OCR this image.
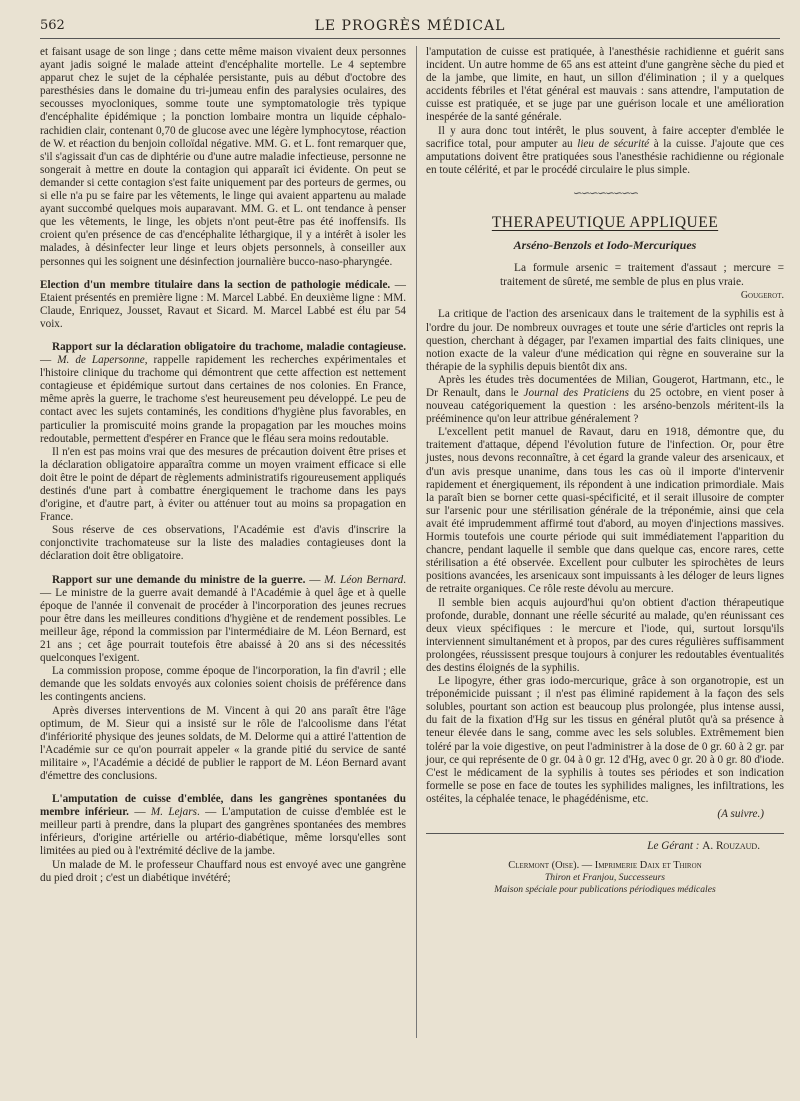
562	LE PROGRÈS MÉDICAL

et faisant usage de son linge ; dans cette même maison vivaient deux personnes ayant jadis soigné le malade atteint d'encéphalite mortelle. Le 4 septembre apparut chez le sujet de la céphalée persistante, puis au début d'octobre des paresthésies dans le domaine du tri-jumeau enfin des paralysies oculaires, des secousses myocloniques, somme toute une symptomatologie très typique d'encéphalite épidémique ; la ponction lombaire montra un liquide céphalo-rachidien clair, contenant 0,70 de glucose avec une légère lymphocytose, réaction de W. et réaction du benjoin colloïdal négative. MM. G. et L. font remarquer que, s'il s'agissait d'un cas de diphtérie ou d'une autre maladie infectieuse, personne ne songerait à mettre en doute la contagion qui apparaît ici évidente. On peut se demander si cette contagion s'est faite uniquement par des porteurs de germes, ou si elle n'a pu se faire par les vêtements, le linge qui avaient appartenu au malade ayant succombé quelques mois auparavant. MM. G. et L. ont tendance à penser que les vêtements, le linge, les objets n'ont peut-être pas été inoffensifs. Ils croient qu'en présence de cas d'encéphalite léthargique, il y a intérêt à isoler les malades, à désinfecter leur linge et leurs objets personnels, à conseiller aux personnes qui les soignent une désinfection journalière bucco-naso-pharyngée.

Election d'un membre titulaire dans la section de pathologie médicale. — Etaient présentés en première ligne : M. Marcel Labbé. En deuxième ligne : MM. Claude, Enriquez, Jousset, Ravaut et Sicard. M. Marcel Labbé est élu par 54 voix.

Rapport sur la déclaration obligatoire du trachome, maladie contagieuse. — M. de Lapersonne, rappelle rapidement les recherches expérimentales et l'histoire clinique du trachome qui démontrent que cette affection est nettement contagieuse et épidémique surtout dans certaines de nos colonies. En France, même après la guerre, le trachome s'est heureusement peu développé. Le peu de contact avec les sujets contaminés, les conditions d'hygiène plus favorables, en particulier la promiscuité moins grande la propagation par les mouches moins redoutable, permettent d'espérer en France que le fléau sera moins redoutable.

Il n'en est pas moins vrai que des mesures de précaution doivent être prises et la déclaration obligatoire apparaîtra comme un moyen vraiment efficace si elle doit être le point de départ de règlements administratifs rigoureusement appliqués destinés d'une part à combattre énergiquement le trachome dans les pays d'origine, et d'autre part, à éviter ou atténuer tout au moins sa propagation en France.

Sous réserve de ces observations, l'Académie est d'avis d'inscrire la conjonctivite trachomateuse sur la liste des maladies contagieuses dont la déclaration doit être obligatoire.

Rapport sur une demande du ministre de la guerre. — M. Léon Bernard. — Le ministre de la guerre avait demandé à l'Académie à quel âge et à quelle époque de l'année il convenait de procéder à l'incorporation des jeunes recrues pour être dans les meilleures conditions d'hygiène et de rendement possibles. Le meilleur âge, répond la commission par l'intermédiaire de M. Léon Bernard, est 21 ans ; cet âge pourrait toutefois être abaissé à 20 ans si des nécessités quelconques l'exigent.

La commission propose, comme époque de l'incorporation, la fin d'avril ; elle demande que les soldats envoyés aux colonies soient choisis de préférence dans les contingents anciens.

Après diverses interventions de M. Vincent à qui 20 ans paraît être l'âge optimum, de M. Sieur qui a insisté sur le rôle de l'alcoolisme dans l'état d'infériorité physique des jeunes soldats, de M. Delorme qui a attiré l'attention de l'Académie sur ce qu'on pourrait appeler « la grande pitié du service de santé militaire », l'Académie a décidé de publier le rapport de M. Léon Bernard avant d'émettre des conclusions.

L'amputation de cuisse d'emblée, dans les gangrènes spontanées du membre inférieur. — M. Lejars. — L'amputation de cuisse d'emblée est le meilleur parti à prendre, dans la plupart des gangrènes spontanées des membres inférieurs, d'origine artérielle ou artério-diabétique, même lorsqu'elles sont limitées au pied ou à l'extrémité déclive de la jambe.

Un malade de M. le professeur Chauffard nous est envoyé avec une gangrène du pied droit ; c'est un diabétique invétéré;

l'amputation de cuisse est pratiquée, à l'anesthésie rachidienne et guérit sans incident. Un autre homme de 65 ans est atteint d'une gangrène sèche du pied et de la jambe, que limite, en haut, un sillon d'élimination ; il y a quelques accidents fébriles et l'état général est mauvais : sans attendre, l'amputation de cuisse est pratiquée, et se juge par une guérison locale et une amélioration inespérée de la santé générale.

Il y aura donc tout intérêt, le plus souvent, à faire accepter d'emblée le sacrifice total, pour amputer au lieu de sécurité à la cuisse. J'ajoute que ces amputations doivent être pratiquées sous l'anesthésie rachidienne ou régionale en toute célérité, et par le procédé circulaire le plus simple.

∽∽∽∽∽∽∽∽
THERAPEUTIQUE APPLIQUEE
Arséno-Benzols et Iodo-Mercuriques
La formule arsenic = traitement d'assaut ; mercure = traitement de sûreté, me semble de plus en plus vraie.
Gougerot.

La critique de l'action des arsenicaux dans le traitement de la syphilis est à l'ordre du jour. De nombreux ouvrages et toute une série d'articles ont repris la question, cherchant à dégager, par l'examen impartial des faits cliniques, une notion exacte de la valeur d'une médication qui règne en souveraine sur la thérapie de la syphilis depuis bientôt dix ans.

Après les études très documentées de Milian, Gougerot, Hartmann, etc., le Dr Renault, dans le Journal des Praticiens du 25 octobre, en vient poser à nouveau catégoriquement la question : les arséno-benzols méritent-ils la prééminence qu'on leur attribue généralement ?

L'excellent petit manuel de Ravaut, daru en 1918, démontre que, du traitement d'attaque, dépend l'évolution future de l'infection. Or, pour être justes, nous devons reconnaître, à cet égard la grande valeur des arsenicaux, et d'un avis presque unanime, dans tous les cas où il importe d'intervenir rapidement et énergiquement, ils répondent à une indication primordiale. Mais la paraît bien se borner cette quasi-spécificité, et il serait illusoire de compter sur l'arsenic pour une stérilisation générale de la tréponémie, ainsi que cela avait été imprudemment affirmé tout d'abord, au moyen d'injections massives. Hormis toutefois une courte période qui suit immédiatement l'apparition du chancre, pendant laquelle il semble que dans quelque cas, encore rares, cette stérilisation a été observée. Excellent pour culbuter les spirochètes de leurs positions avancées, les arsenicaux sont impuissants à les déloger de leurs lignes de retraite organiques. Ce rôle reste dévolu au mercure.

Il semble bien acquis aujourd'hui qu'on obtient d'action thérapeutique profonde, durable, donnant une réelle sécurité au malade, qu'en réunissant ces deux vieux spécifiques : le mercure et l'iode, qui, surtout lorsqu'ils interviennent simultanément et à propos, par des cures régulières suffisamment prolongées, réussissent presque toujours à conjurer les redoutables éventualités des destins éloignés de la syphilis.

Le lipogyre, éther gras iodo-mercurique, grâce à son organotropie, est un tréponémicide puissant ; il n'est pas éliminé rapidement à la façon des sels solubles, pourtant son action est beaucoup plus prolongée, plus intense aussi, du fait de la fixation d'Hg sur les tissus en général plutôt qu'à sa présence à teneur élevée dans le sang, comme avec les sels solubles. Extrêmement bien toléré par la voie digestive, on peut l'administrer à la dose de 0 gr. 60 à 2 gr. par jour, ce qui représente de 0 gr. 04 à 0 gr. 12 d'Hg, avec 0 gr. 20 à 0 gr. 80 d'iode. C'est le médicament de la syphilis à toutes ses périodes et son indication formelle se pose en face de toutes les syphilides malignes, les infiltrations, les ostéites, la céphalée tenace, le phagédénisme, etc.

(A suivre.)
Le Gérant : A. Rouzaud.
Clermont (Oise). — Imprimerie Daix et Thiron
Thiron et Franjou, Successeurs
Maison spéciale pour publications périodiques médicales
